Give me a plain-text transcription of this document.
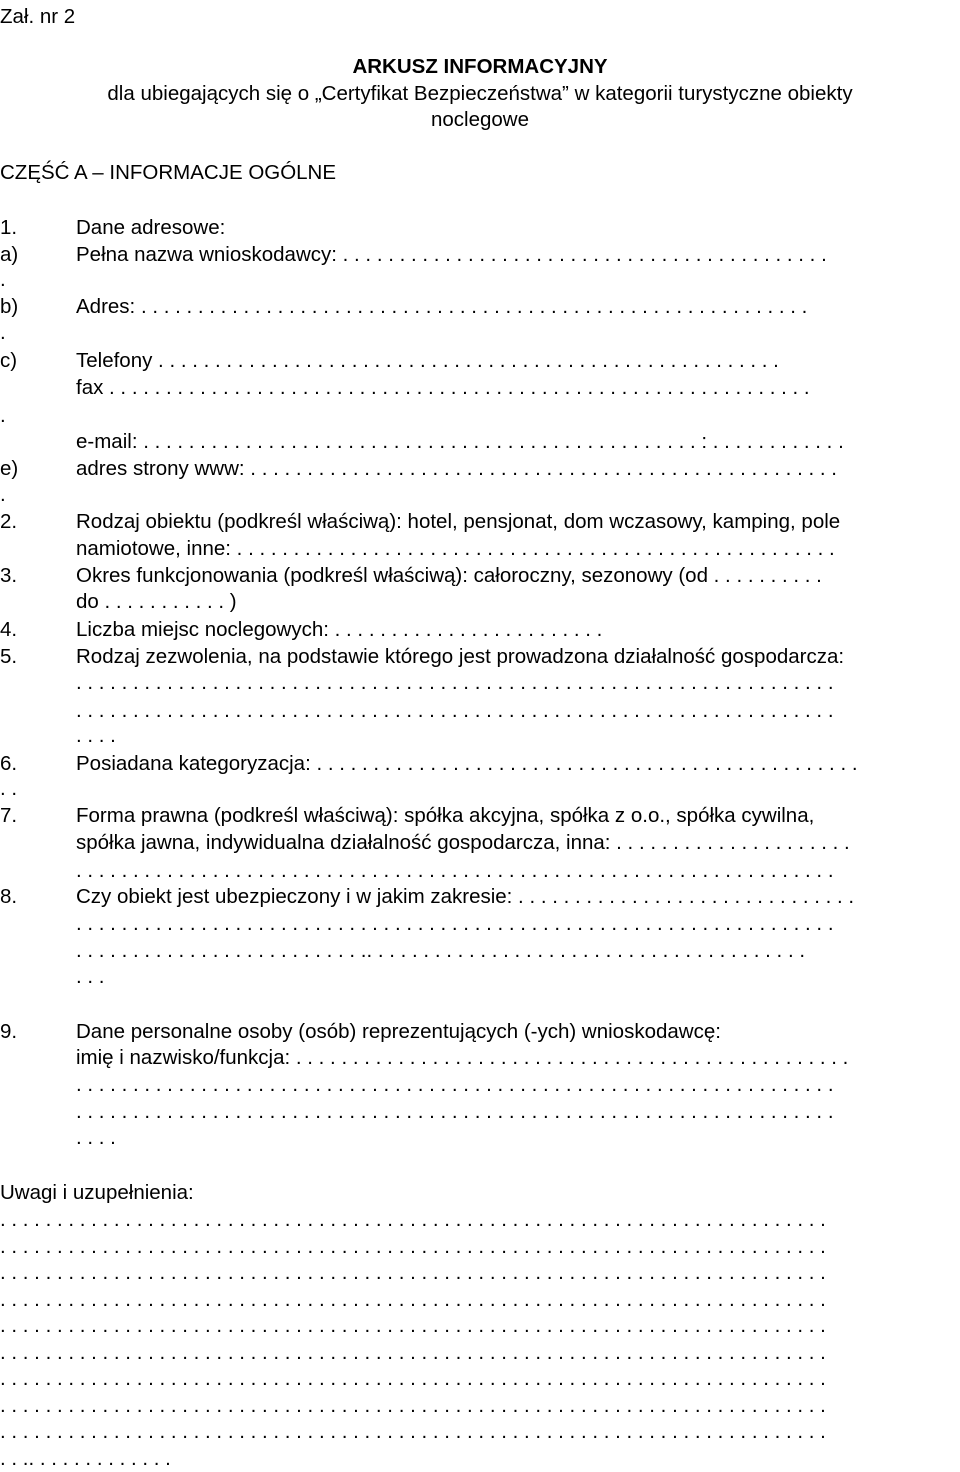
Zał. nr 2
ARKUSZ INFORMACYJNY
dla ubiegających się o „Certyfikat Bezpieczeństwa” w kategorii turystyczne obiekty
noclegowe
CZĘŚĆ A – INFORMACJE OGÓLNE
1.	Dane adresowe:
a)	Pełna nazwa wnioskodawcy: . . . . . . . . . . . . . . . . . . . . . . . . . . . . . . . . . . . . . . . . . . .
.
b)	Adres: . . . . . . . . . . . . . . . . . . . . . . . . . . . . . . . . . . . . . . . . . . . . . . . . . . . . . . . . . . .
.
c)	Telefony . . . . . . . . . . . . . . . . . . . . . . . . . . . . . . . . . . . . . . . . . . . . . . . . . . . . . . .
fax . . . . . . . . . . . . . . . . . . . . . . . . . . . . . . . . . . . . . . . . . . . . . . . . . . . . . . . . . . . . . .
.
e-mail: . . . . . . . . . . . . . . . . . . . . . . . . . . . . . . . . . . . . . . . . . . . . . . . . . : . . . . . . . . . . . .
e)	adres strony www: . . . . . . . . . . . . . . . . . . . . . . . . . . . . . . . . . . . . . . . . . . . . . . . . . . . .
.
2.	Rodzaj obiektu (podkreśl właściwą): hotel, pensjonat, dom wczasowy, kamping, pole
namiotowe, inne: . . . . . . . . . . . . . . . . . . . . . . . . . . . . . . . . . . . . . . . . . . . . . . . . . . . . .
3.	Okres funkcjonowania (podkreśl właściwą): całoroczny, sezonowy (od . . . . . . . . . .
do . . . . . . . . . . . )
4.	Liczba miejsc noclegowych: . . . . . . . . . . . . . . . . . . . . . . . .
5.	Rodzaj zezwolenia, na podstawie którego jest prowadzona działalność gospodarcza:
. . . . . . . . . . . . . . . . . . . . . . . . . . . . . . . . . . . . . . . . . . . . . . . . . . . . . . . . . . . . . . . . . . .
. . . . . . . . . . . . . . . . . . . . . . . . . . . . . . . . . . . . . . . . . . . . . . . . . . . . . . . . . . . . . . . . . . .
. . . .
6.	Posiadana kategoryzacja: . . . . . . . . . . . . . . . . . . . . . . . . . . . . . . . . . . . . . . . . . . . . . . . .
. .
7.	Forma prawna (podkreśl właściwą): spółka akcyjna, spółka z o.o., spółka cywilna,
spółka jawna, indywidualna działalność gospodarcza, inna: . . . . . . . . . . . . . . . . . . . . .
. . . . . . . . . . . . . . . . . . . . . . . . . . . . . . . . . . . . . . . . . . . . . . . . . . . . . . . . . . . . . . . . . . .
8.	Czy obiekt jest ubezpieczony i w jakim zakresie: . . . . . . . . . . . . . . . . . . . . . . . . . . . . . .
. . . . . . . . . . . . . . . . . . . . . . . . . . . . . . . . . . . . . . . . . . . . . . . . . . . . . . . . . . . . . . . . . . .
. . . . . . . . . . . . . . . . . . . . . . . . . .. . . . . . . . . . . . . . . . . . . . . . . . . . . . . . . . . . . . . . .
. . .
9.	Dane personalne osoby (osób) reprezentujących (-ych) wnioskodawcę:
imię i nazwisko/funkcja: . . . . . . . . . . . . . . . . . . . . . . . . . . . . . . . . . . . . . . . . . . . . . . . . .
. . . . . . . . . . . . . . . . . . . . . . . . . . . . . . . . . . . . . . . . . . . . . . . . . . . . . . . . . . . . . . . . . . .
. . . . . . . . . . . . . . . . . . . . . . . . . . . . . . . . . . . . . . . . . . . . . . . . . . . . . . . . . . . . . . . . . . .
. . . .
Uwagi i uzupełnienia:
. . . . . . . . . . . . . . . . . . . . . . . . . . . . . . . . . . . . . . . . . . . . . . . . . . . . . . . . . . . . . . . . . . . . . . . . .
. . . . . . . . . . . . . . . . . . . . . . . . . . . . . . . . . . . . . . . . . . . . . . . . . . . . . . . . . . . . . . . . . . . . . . . . .
. . . . . . . . . . . . . . . . . . . . . . . . . . . . . . . . . . . . . . . . . . . . . . . . . . . . . . . . . . . . . . . . . . . . . . . . .
. . . . . . . . . . . . . . . . . . . . . . . . . . . . . . . . . . . . . . . . . . . . . . . . . . . . . . . . . . . . . . . . . . . . . . . . .
. . . . . . . . . . . . . . . . . . . . . . . . . . . . . . . . . . . . . . . . . . . . . . . . . . . . . . . . . . . . . . . . . . . . . . . . .
. . . . . . . . . . . . . . . . . . . . . . . . . . . . . . . . . . . . . . . . . . . . . . . . . . . . . . . . . . . . . . . . . . . . . . . . .
. . . . . . . . . . . . . . . . . . . . . . . . . . . . . . . . . . . . . . . . . . . . . . . . . . . . . . . . . . . . . . . . . . . . . . . . .
. . . . . . . . . . . . . . . . . . . . . . . . . . . . . . . . . . . . . . . . . . . . . . . . . . . . . . . . . . . . . . . . . . . . . . . . .
. . . . . . . . . . . . . . . . . . . . . . . . . . . . . . . . . . . . . . . . . . . . . . . . . . . . . . . . . . . . . . . . . . . . . . . . .
. . .. . . . . . . . . . . . .
